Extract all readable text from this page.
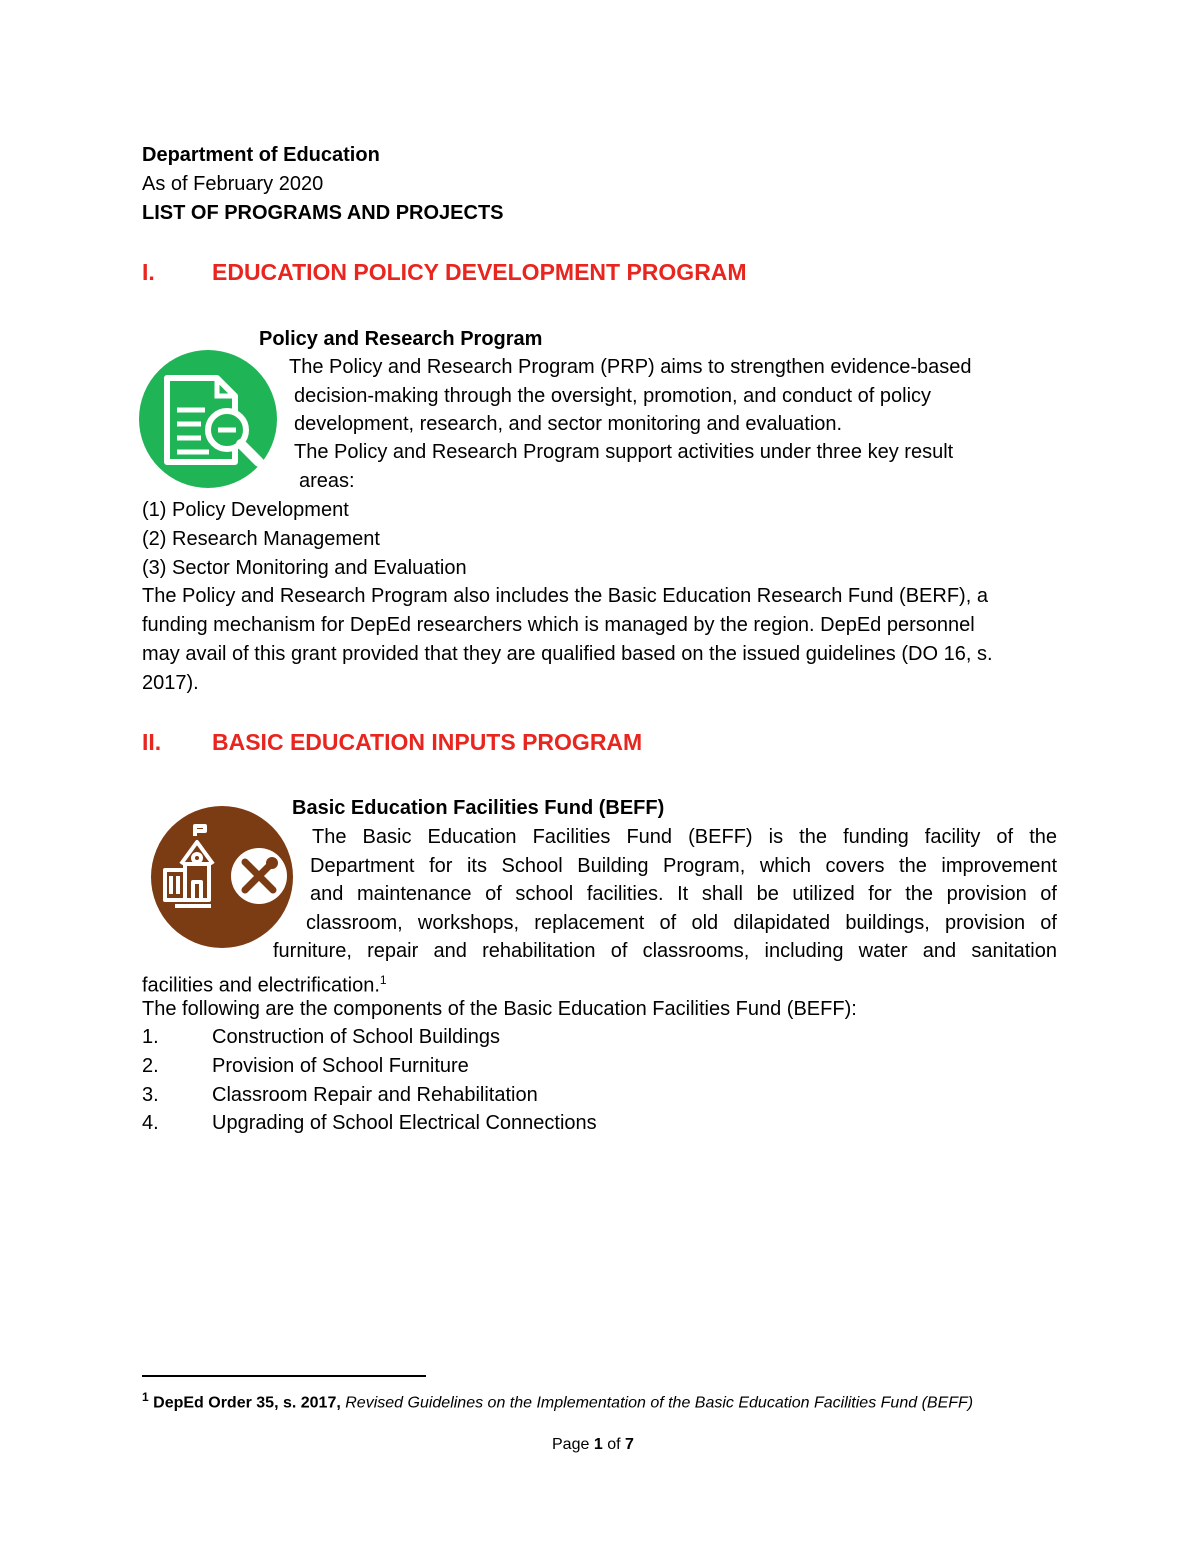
Department of Education
As of February 2020
LIST OF PROGRAMS AND PROJECTS
I. EDUCATION POLICY DEVELOPMENT PROGRAM
Policy and Research Program
The Policy and Research Program (PRP) aims to strengthen evidence-based
decision-making through the oversight, promotion, and conduct of policy
development, research, and sector monitoring and evaluation.
The Policy and Research Program support activities under three key result
areas:
(1) Policy Development
(2) Research Management
(3) Sector Monitoring and Evaluation
The Policy and Research Program also includes the Basic Education Research Fund (BERF), a
funding mechanism for DepEd researchers which is managed by the region. DepEd personnel
may avail of this grant provided that they are qualified based on the issued guidelines (DO 16, s.
2017).
II. BASIC EDUCATION INPUTS PROGRAM
Basic Education Facilities Fund (BEFF)
The Basic Education Facilities Fund (BEFF) is the funding facility of the
Department for its School Building Program, which covers the improvement
and maintenance of school facilities. It shall be utilized for the provision of
classroom, workshops, replacement of old dilapidated buildings, provision of
furniture, repair and rehabilitation of classrooms, including water and sanitation
facilities and electrification.$^1$
The following are the components of the Basic Education Facilities Fund (BEFF):
1.	Construction of School Buildings
2.	Provision of School Furniture
3.	Classroom Repair and Rehabilitation
4.	Upgrading of School Electrical Connections
$^1$ DepEd Order 35, s. 2017, Revised Guidelines on the Implementation of the Basic Education Facilities Fund (BEFF)
Page 1 of 7
